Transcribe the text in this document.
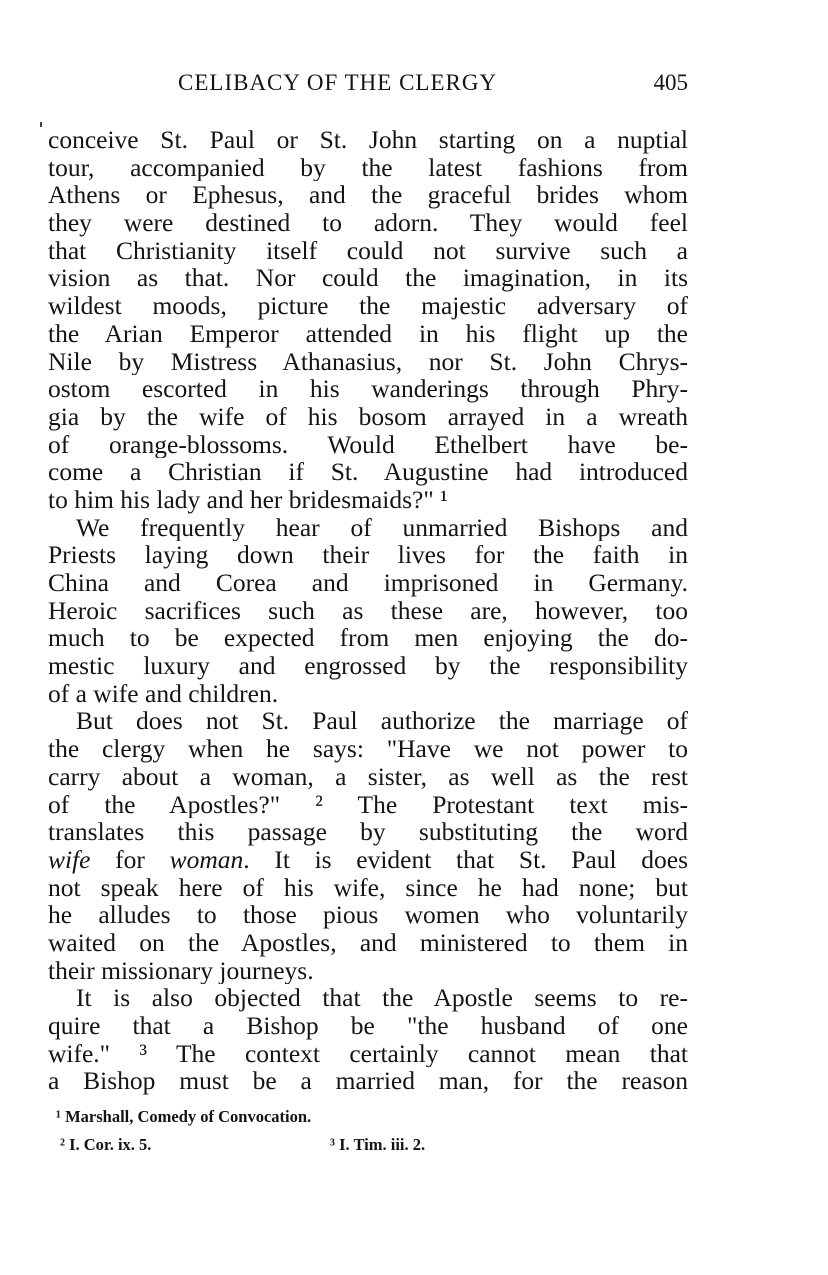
CELIBACY OF THE CLERGY	405
conceive St. Paul or St. John starting on a nuptial
tour, accompanied by the latest fashions from
Athens or Ephesus, and the graceful brides whom
they were destined to adorn. They would feel
that Christianity itself could not survive such a
vision as that. Nor could the imagination, in its
wildest moods, picture the majestic adversary of
the Arian Emperor attended in his flight up the
Nile by Mistress Athanasius, nor St. John Chrys-
ostom escorted in his wanderings through Phry-
gia by the wife of his bosom arrayed in a wreath
of orange-blossoms. Would Ethelbert have be-
come a Christian if St. Augustine had introduced
to him his lady and her bridesmaids?" ¹
We frequently hear of unmarried Bishops and
Priests laying down their lives for the faith in
China and Corea and imprisoned in Germany.
Heroic sacrifices such as these are, however, too
much to be expected from men enjoying the do-
mestic luxury and engrossed by the responsibility
of a wife and children.
But does not St. Paul authorize the marriage of
the clergy when he says: "Have we not power to
carry about a woman, a sister, as well as the rest
of the Apostles?" ² The Protestant text mis-
translates this passage by substituting the word
wife for woman. It is evident that St. Paul does
not speak here of his wife, since he had none; but
he alludes to those pious women who voluntarily
waited on the Apostles, and ministered to them in
their missionary journeys.
It is also objected that the Apostle seems to re-
quire that a Bishop be "the husband of one
wife." ³ The context certainly cannot mean that
a Bishop must be a married man, for the reason
¹ Marshall, Comedy of Convocation.
² I. Cor. ix. 5.	³ I. Tim. iii. 2.
